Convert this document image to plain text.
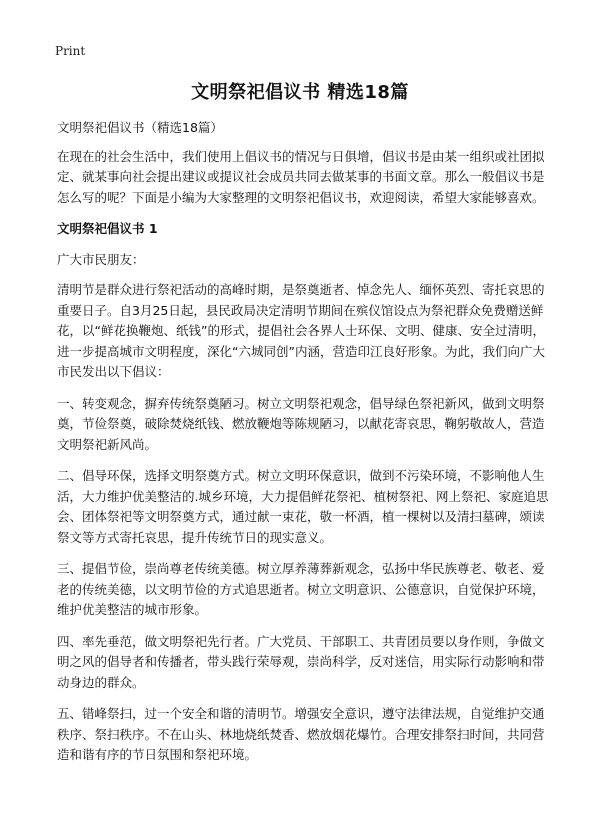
Print
文明祭祀倡议书 精选18篇

文明祭祀倡议书（精选18篇）

在现在的社会生活中，我们使用上倡议书的情况与日俱增，倡议书是由某一组织或社团拟定、就某事向社会提出建议或提议社会成员共同去做某事的书面文章。那么一般倡议书是怎么写的呢？下面是小编为大家整理的文明祭祀倡议书，欢迎阅读，希望大家能够喜欢。

文明祭祀倡议书 1

广大市民朋友：

清明节是群众进行祭祀活动的高峰时期，是祭奠逝者、悼念先人、缅怀英烈、寄托哀思的重要日子。自3月25日起，县民政局决定清明节期间在殡仪馆设点为祭祀群众免费赠送鲜花，以“鲜花换鞭炮、纸钱”的形式，提倡社会各界人士环保、文明、健康、安全过清明，进一步提高城市文明程度，深化“六城同创”内涵，营造印江良好形象。为此，我们向广大市民发出以下倡议：

一、转变观念，摒弃传统祭奠陋习。树立文明祭祀观念，倡导绿色祭祀新风，做到文明祭奠，节俭祭奠，破除焚烧纸钱、燃放鞭炮等陈规陋习，以献花寄哀思，鞠躬敬故人，营造文明祭祀新风尚。

二、倡导环保，选择文明祭奠方式。树立文明环保意识，做到不污染环境，不影响他人生活，大力维护优美整洁的.城乡环境，大力提倡鲜花祭祀、植树祭祀、网上祭祀、家庭追思会、团体祭祀等文明祭奠方式，通过献一束花，敬一杯酒，植一棵树以及清扫墓碑，颂读祭文等方式寄托哀思，提升传统节日的现实意义。

三、提倡节俭，崇尚尊老传统美德。树立厚养薄葬新观念，弘扬中华民族尊老、敬老、爱老的传统美德，以文明节俭的方式追思逝者。树立文明意识、公德意识，自觉保护环境，维护优美整洁的城市形象。

四、率先垂范，做文明祭祀先行者。广大党员、干部职工、共青团员要以身作则，争做文明之风的倡导者和传播者，带头践行荣辱观，崇尚科学，反对迷信，用实际行动影响和带动身边的群众。

五、错峰祭扫，过一个安全和谐的清明节。增强安全意识，遵守法律法规，自觉维护交通秩序、祭扫秩序。不在山头、林地烧纸焚香、燃放烟花爆竹。合理安排祭扫时间，共同营造和谐有序的节日氛围和祭祀环境。
